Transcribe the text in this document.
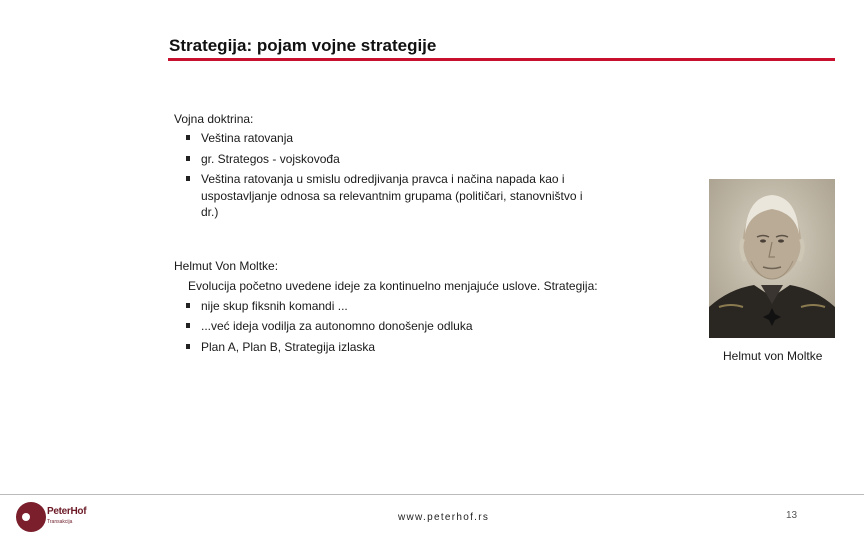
Strategija: pojam vojne strategije
Vojna doktrina:
Veština ratovanja
gr. Strategos - vojskovođa
Veština ratovanja u smislu odredjivanja pravca i načina napada kao i uspostavljanje odnosa sa relevantnim grupama (političari, stanovništvo i dr.)
Helmut Von Moltke:
Evolucija početno uvedene ideje za kontinuelno menjajuće uslove. Strategija:
nije skup fiksnih komandi ...
...već ideja vodilja za autonomno donošenje odluka
Plan A, Plan B, Strategija izlaska
Helmut von Moltke
PeterHof
Transakcija	www.peterhof.rs	13
